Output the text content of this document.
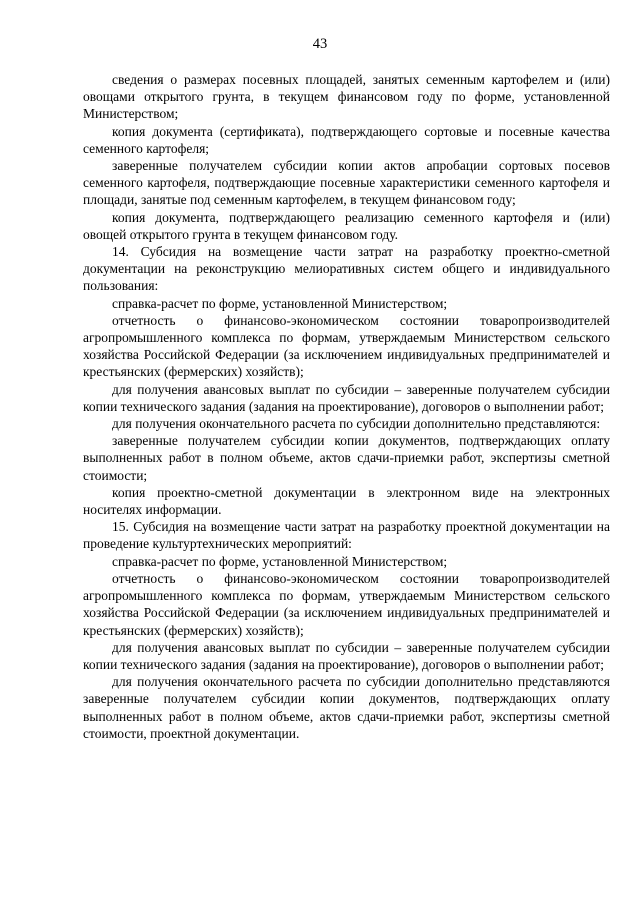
43

сведения о размерах посевных площадей, занятых семенным картофелем и (или) овощами открытого грунта, в текущем финансовом году по форме, установленной Министерством;

копия документа (сертификата), подтверждающего сортовые и посевные качества семенного картофеля;

заверенные получателем субсидии копии актов апробации сортовых посевов семенного картофеля, подтверждающие посевные характеристики семенного картофеля и площади, занятые под семенным картофелем, в текущем финансовом году;

копия документа, подтверждающего реализацию семенного картофеля и (или) овощей открытого грунта в текущем финансовом году.

14. Субсидия на возмещение части затрат на разработку проектно-сметной документации на реконструкцию мелиоративных систем общего и индивидуального пользования:

справка-расчет по форме, установленной Министерством;

отчетность о финансово-экономическом состоянии товаропроизводителей агропромышленного комплекса по формам, утверждаемым Министерством сельского хозяйства Российской Федерации (за исключением индивидуальных предпринимателей и крестьянских (фермерских) хозяйств);

для получения авансовых выплат по субсидии – заверенные получателем субсидии копии технического задания (задания на проектирование), договоров о выполнении работ;

для получения окончательного расчета по субсидии дополнительно представляются:

заверенные получателем субсидии копии документов, подтверждающих оплату выполненных работ в полном объеме, актов сдачи-приемки работ, экспертизы сметной стоимости;

копия проектно-сметной документации в электронном виде на электронных носителях информации.

15. Субсидия на возмещение части затрат на разработку проектной документации на проведение культуртехнических мероприятий:

справка-расчет по форме, установленной Министерством;

отчетность о финансово-экономическом состоянии товаропроизводителей агропромышленного комплекса по формам, утверждаемым Министерством сельского хозяйства Российской Федерации (за исключением индивидуальных предпринимателей и крестьянских (фермерских) хозяйств);

для получения авансовых выплат по субсидии – заверенные получателем субсидии копии технического задания (задания на проектирование), договоров о выполнении работ;

для получения окончательного расчета по субсидии дополнительно представляются заверенные получателем субсидии копии документов, подтверждающих оплату выполненных работ в полном объеме, актов сдачи-приемки работ, экспертизы сметной стоимости, проектной документации.
